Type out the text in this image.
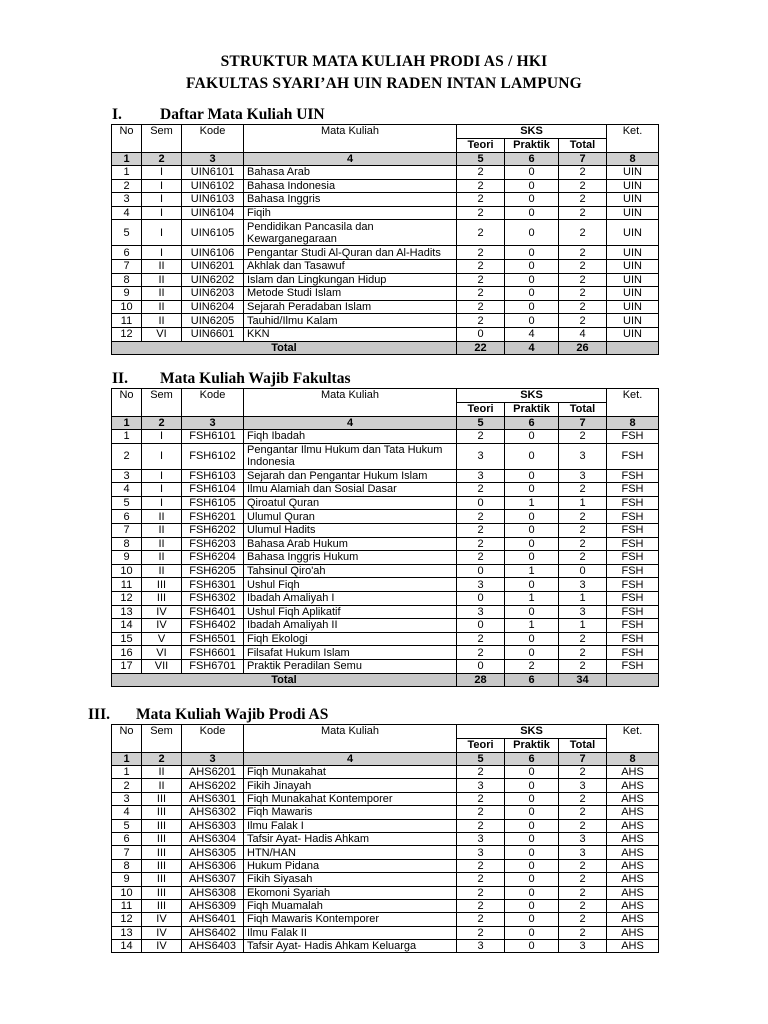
STRUKTUR MATA KULIAH PRODI AS / HKI
FAKULTAS SYARI’AH UIN RADEN INTAN LAMPUNG
I. Daftar Mata Kuliah UIN
No	Sem	Kode	Mata Kuliah	SKS			Ket.
				Teori	Praktik	Total	
1	2	3	4	5	6	7	8
1	I	UIN6101	Bahasa Arab	2	0	2	UIN
2	I	UIN6102	Bahasa Indonesia	2	0	2	UIN
3	I	UIN6103	Bahasa Inggris	2	0	2	UIN
4	I	UIN6104	Fiqih	2	0	2	UIN
5	I	UIN6105	Pendidikan Pancasila dan Kewarganegaraan	2	0	2	UIN
6	I	UIN6106	Pengantar Studi Al-Quran dan Al-Hadits	2	0	2	UIN
7	II	UIN6201	Akhlak dan Tasawuf	2	0	2	UIN
8	II	UIN6202	Islam dan Lingkungan Hidup	2	0	2	UIN
9	II	UIN6203	Metode Studi Islam	2	0	2	UIN
10	II	UIN6204	Sejarah Peradaban Islam	2	0	2	UIN
11	II	UIN6205	Tauhid/Ilmu Kalam	2	0	2	UIN
12	VI	UIN6601	KKN	0	4	4	UIN
Total				22	4	26	
II. Mata Kuliah Wajib Fakultas
No	Sem	Kode	Mata Kuliah	SKS			Ket.
				Teori	Praktik	Total	
1	2	3	4	5	6	7	8
1	I	FSH6101	Fiqh Ibadah	2	0	2	FSH
2	I	FSH6102	Pengantar Ilmu Hukum dan Tata Hukum Indonesia	3	0	3	FSH
3	I	FSH6103	Sejarah dan Pengantar Hukum Islam	3	0	3	FSH
4	I	FSH6104	Ilmu Alamiah dan Sosial Dasar	2	0	2	FSH
5	I	FSH6105	Qiroatul Quran	0	1	1	FSH
6	II	FSH6201	Ulumul Quran	2	0	2	FSH
7	II	FSH6202	Ulumul Hadits	2	0	2	FSH
8	II	FSH6203	Bahasa Arab Hukum	2	0	2	FSH
9	II	FSH6204	Bahasa Inggris Hukum	2	0	2	FSH
10	II	FSH6205	Tahsinul Qiro'ah	0	1	0	FSH
11	III	FSH6301	Ushul Fiqh	3	0	3	FSH
12	III	FSH6302	Ibadah Amaliyah I	0	1	1	FSH
13	IV	FSH6401	Ushul Fiqh Aplikatif	3	0	3	FSH
14	IV	FSH6402	Ibadah Amaliyah II	0	1	1	FSH
15	V	FSH6501	Fiqh Ekologi	2	0	2	FSH
16	VI	FSH6601	Filsafat Hukum Islam	2	0	2	FSH
17	VII	FSH6701	Praktik Peradilan Semu	0	2	2	FSH
Total				28	6	34	
III. Mata Kuliah Wajib Prodi AS
No	Sem	Kode	Mata Kuliah	SKS			Ket.
				Teori	Praktik	Total	
1	2	3	4	5	6	7	8
1	II	AHS6201	Fiqh Munakahat	2	0	2	AHS
2	II	AHS6202	Fikih Jinayah	3	0	3	AHS
3	III	AHS6301	Fiqh Munakahat Kontemporer	2	0	2	AHS
4	III	AHS6302	Fiqh Mawaris	2	0	2	AHS
5	III	AHS6303	Ilmu Falak I	2	0	2	AHS
6	III	AHS6304	Tafsir Ayat- Hadis Ahkam	3	0	3	AHS
7	III	AHS6305	HTN/HAN	3	0	3	AHS
8	III	AHS6306	Hukum Pidana	2	0	2	AHS
9	III	AHS6307	Fikih Siyasah	2	0	2	AHS
10	III	AHS6308	Ekomoni Syariah	2	0	2	AHS
11	III	AHS6309	Fiqh Muamalah	2	0	2	AHS
12	IV	AHS6401	Fiqh Mawaris Kontemporer	2	0	2	AHS
13	IV	AHS6402	Ilmu Falak II	2	0	2	AHS
14	IV	AHS6403	Tafsir Ayat- Hadis Ahkam Keluarga	3	0	3	AHS
